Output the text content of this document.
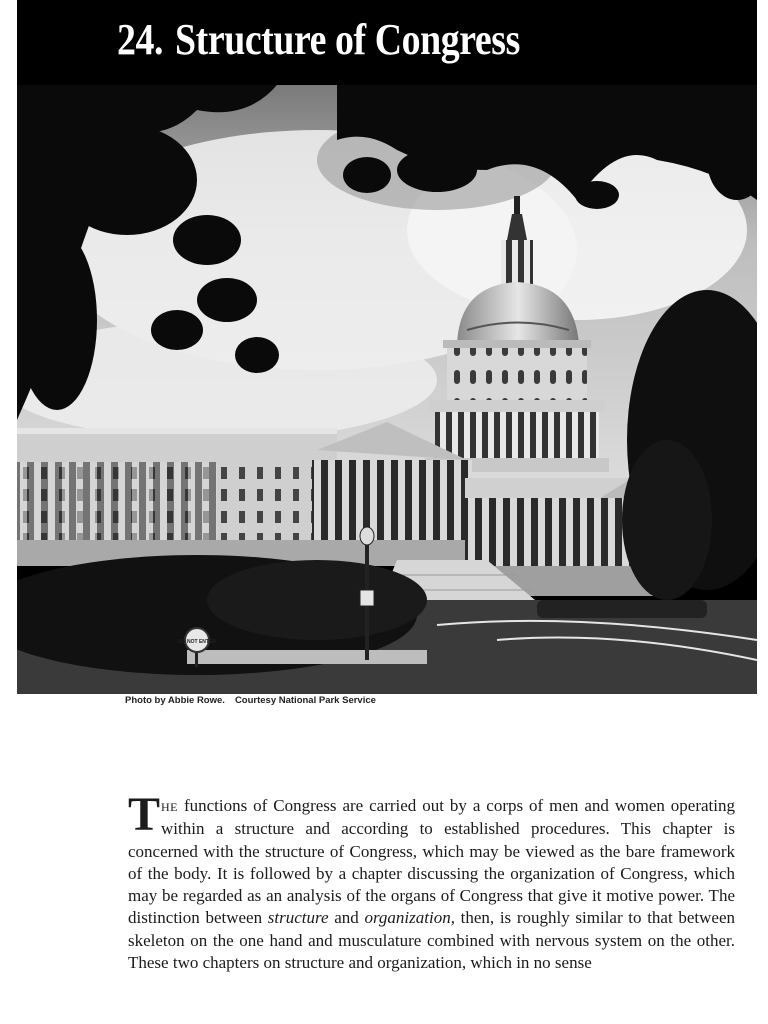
DO NOT ENTER
24. Structure of Congress
Photo by Abbie Rowe. Courtesy National Park Service

THE functions of Congress are carried out by a corps of men and women operating within a structure and according to established procedures. This chapter is concerned with the structure of Congress, which may be viewed as the bare framework of the body. It is followed by a chapter discussing the organization of Congress, which may be regarded as an analysis of the organs of Congress that give it motive power. The distinction between structure and organization, then, is roughly similar to that between skeleton on the one hand and musculature combined with nervous system on the other. These two chapters on structure and organization, which in no sense
